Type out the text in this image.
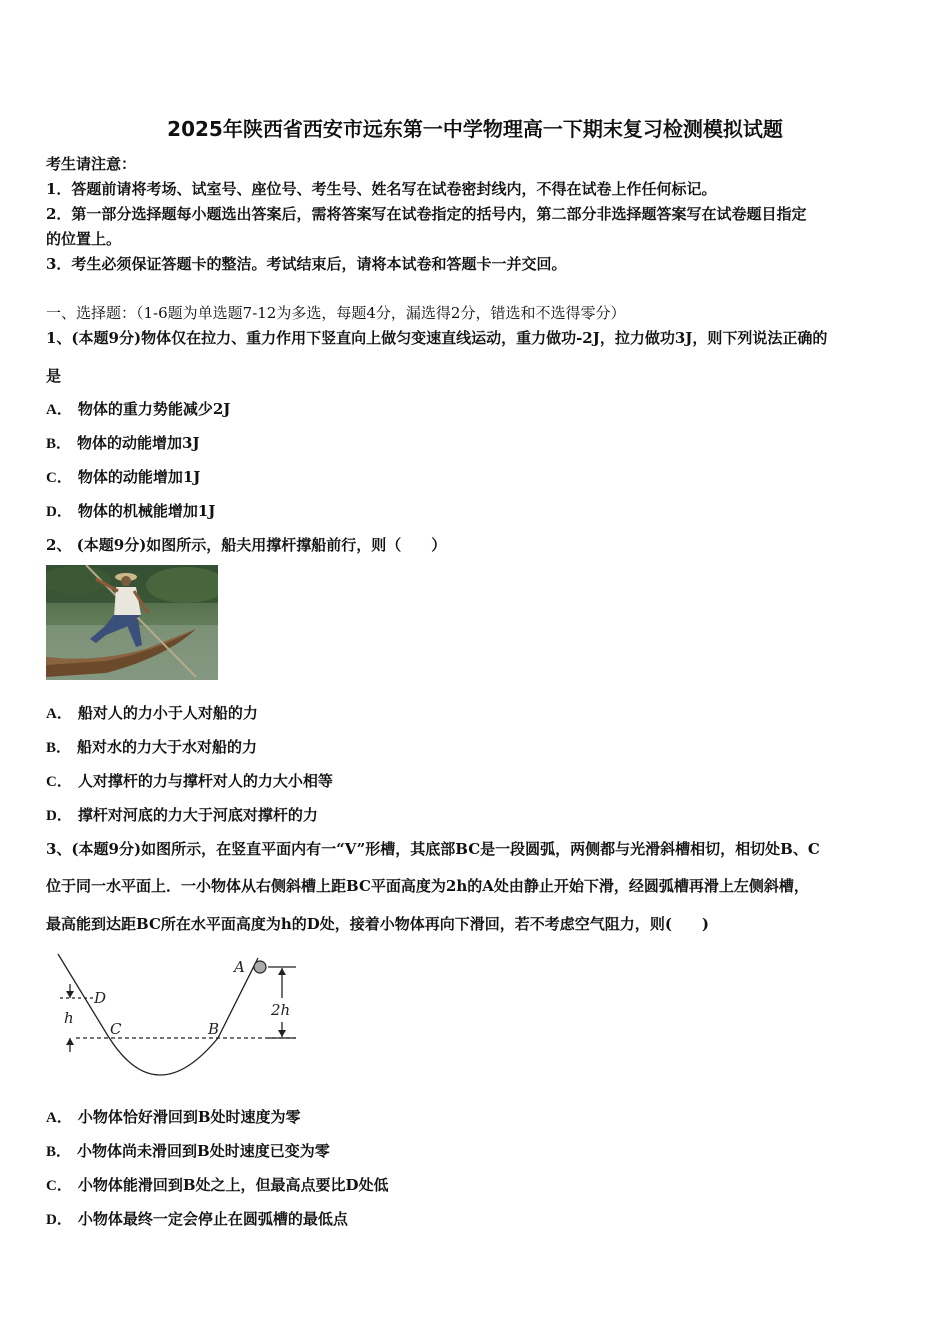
2025年陕西省西安市远东第一中学物理高一下期末复习检测模拟试题
考生请注意：
1．答题前请将考场、试室号、座位号、考生号、姓名写在试卷密封线内，不得在试卷上作任何标记。
2．第一部分选择题每小题选出答案后，需将答案写在试卷指定的括号内，第二部分非选择题答案写在试卷题目指定
的位置上。
3．考生必须保证答题卡的整洁。考试结束后，请将本试卷和答题卡一并交回。
一、选择题：（1-6题为单选题7-12为多选，每题4分，漏选得2分，错选和不选得零分）
1、(本题9分)物体仅在拉力、重力作用下竖直向上做匀变速直线运动，重力做功-2J，拉力做功3J，则下列说法正确的
是
A． 物体的重力势能减少2J
B． 物体的动能增加3J
C． 物体的动能增加1J
D． 物体的机械能增加1J
2、 (本题9分)如图所示，船夫用撑杆撑船前行，则（　　）
A． 船对人的力小于人对船的力
B． 船对水的力大于水对船的力
C． 人对撑杆的力与撑杆对人的力大小相等
D． 撑杆对河底的力大于河底对撑杆的力
3、(本题9分)如图所示，在竖直平面内有一“V”形槽，其底部BC是一段圆弧，两侧都与光滑斜槽相切，相切处B、C
位于同一水平面上．一小物体从右侧斜槽上距BC平面高度为2h的A处由静止开始下滑，经圆弧槽再滑上左侧斜槽，
最高能到达距BC所在水平面高度为h的D处，接着小物体再向下滑回，若不考虑空气阻力，则(　　)
A
D
h
C	B
2h
A． 小物体恰好滑回到B处时速度为零
B． 小物体尚未滑回到B处时速度已变为零
C． 小物体能滑回到B处之上，但最高点要比D处低
D． 小物体最终一定会停止在圆弧槽的最低点
